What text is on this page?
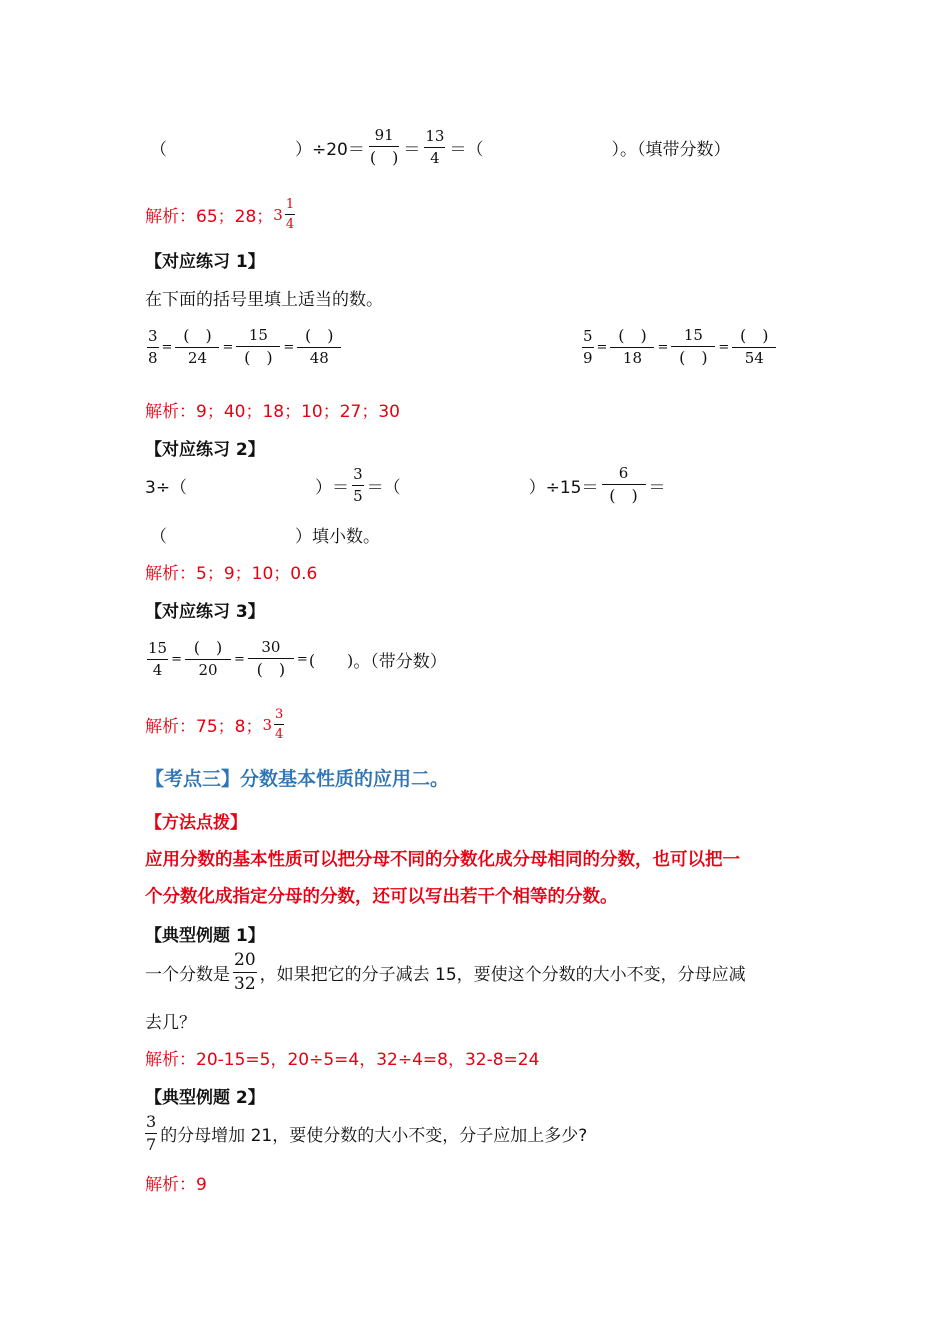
（	）$\div 20= \frac{91}{( )} = \frac{13}{4}$ ＝（	）。（填带分数）
解析：65；28； $3 \frac{1}{4}$
【对应练习 1】
在下面的括号里填上适当的数。
$\frac{3}{8} = \frac{( )}{24} = \frac{15}{( )} = \frac{( )}{48}$	$\frac{5}{9} = \frac{( )}{18} = \frac{15}{( )} = \frac{( )}{54}$
解析：9；40；18；10；27；30
【对应练习 2】
3÷（	）＝ $\frac{3}{5}$ ＝（	）$\div 15= \frac{6}{( )}$ ＝
（	）填小数。
解析：5；9；10；0.6
【对应练习 3】
$\frac{15}{4} = \frac{( )}{20} = \frac{30}{( )}$ = (　　) 。（带分数）
解析：75；8； $3 \frac{3}{4}$
【考点三】分数基本性质的应用二。
【方法点拨】
应用分数的基本性质可以把分母不同的分数化成分母相同的分数，也可以把一
个分数化成指定分母的分数，还可以写出若干个相等的分数。
【典型例题 1】
一个分数是 $\frac{20}{32}$ ，如果把它的分子减去 15，要使这个分数的大小不变，分母应减
去几？
解析：20-15=5，20÷5=4，32÷4=8，32-8=24
【典型例题 2】
$\frac{3}{7}$ 的分母增加 21，要使分数的大小不变，分子应加上多少?
解析：9
